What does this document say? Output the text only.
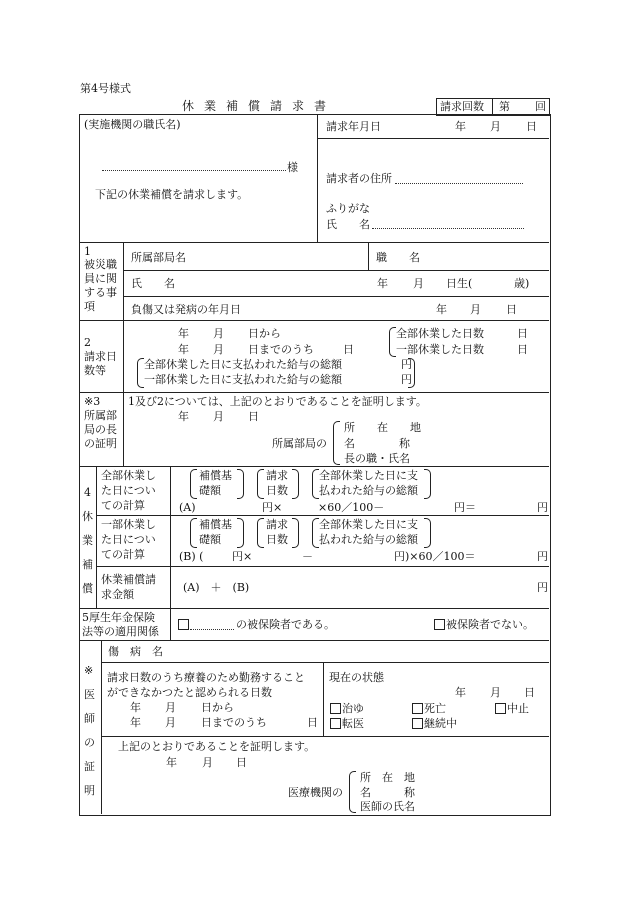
第4号様式
休業補償請求書	請求回数 第 回
(実施機関の職氏名)
様
下記の休業補償を請求します。
請求年月日	年 月 日
請求者の住所
ふりがな
氏　　名
1
被災職
員に関
する事
項
所属部局名	職　　名
氏　　名	年 月 日生(	歳)
負傷又は発病の年月日	年 月 日
2
請求日
数等
年 月 日から
年 月 日までのうち	日
全部休業した日数	日
一部休業した日数	日
全部休業した日に支払われた給与の総額	円
一部休業した日に支払われた給与の総額	円
※3
所属部
局の長
の証明
1及び2については、上記のとおりであることを証明します。
年 月 日
所属部局の
所　　在　　地
名　　　　称
長の職・氏名
4
休
業
補
償
全部休業し
た日につい
ての計算
補償基
礎額
請求
日数
全部休業した日に支
払われた給与の総額
(A)	円×	×60／100－	円＝	円
一部休業し
た日につい
ての計算
補償基
礎額
請求
日数
全部休業した日に支
払われた給与の総額
(B) (	円×	－	円)×60／100＝	円
休業補償請
求金額
(A)　＋　(B)	円
5厚生年金保険
法等の適用関係
の被保険者である。	被保険者でない。
※
医
師
の
証
明
傷　病　名
請求日数のうち療養のため勤務すること
ができなかつたと認められる日数
年 月 日から
年 月 日までのうち	日
現在の状態
年 月 日
治ゆ	死亡	中止
転医	継続中
上記のとおりであることを証明します。
年 月 日
医療機関の
所　在　地
名　　　称
医師の氏名
